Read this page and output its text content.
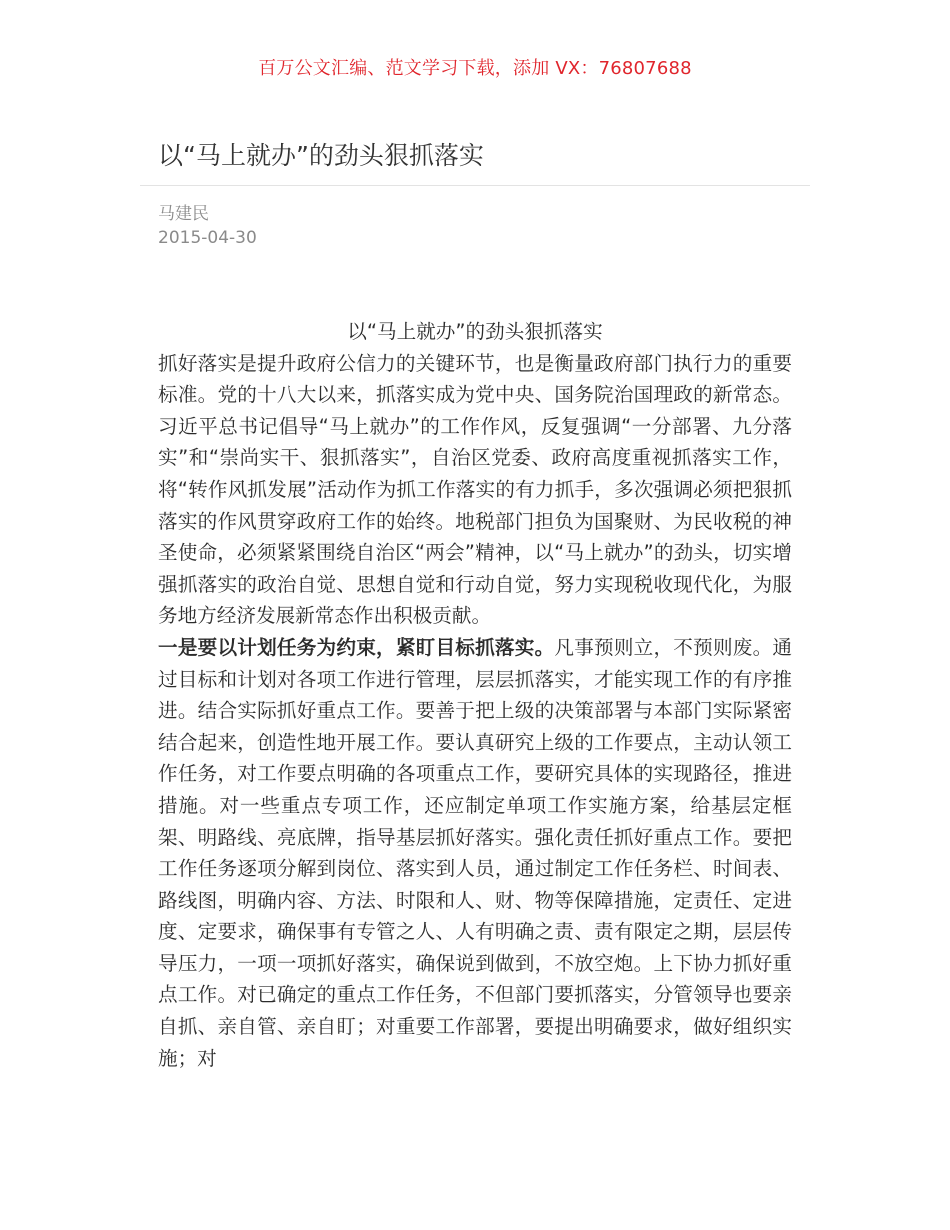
百万公文汇编、范文学习下载，添加 VX：76807688
以“马上就办”的劲头狠抓落实
马建民
2015-04-30
以“马上就办”的劲头狠抓落实

抓好落实是提升政府公信力的关键环节，也是衡量政府部门执行力的重要标准。党的十八大以来，抓落实成为党中央、国务院治国理政的新常态。习近平总书记倡导“马上就办”的工作作风，反复强调“一分部署、九分落实”和“崇尚实干、狠抓落实”，自治区党委、政府高度重视抓落实工作，将“转作风抓发展”活动作为抓工作落实的有力抓手，多次强调必须把狠抓落实的作风贯穿政府工作的始终。地税部门担负为国聚财、为民收税的神圣使命，必须紧紧围绕自治区“两会”精神，以“马上就办”的劲头，切实增强抓落实的政治自觉、思想自觉和行动自觉，努力实现税收现代化，为服务地方经济发展新常态作出积极贡献。

一是要以计划任务为约束，紧盯目标抓落实。凡事预则立，不预则废。通过目标和计划对各项工作进行管理，层层抓落实，才能实现工作的有序推进。结合实际抓好重点工作。要善于把上级的决策部署与本部门实际紧密结合起来，创造性地开展工作。要认真研究上级的工作要点，主动认领工作任务，对工作要点明确的各项重点工作，要研究具体的实现路径，推进措施。对一些重点专项工作，还应制定单项工作实施方案，给基层定框架、明路线、亮底牌，指导基层抓好落实。强化责任抓好重点工作。要把工作任务逐项分解到岗位、落实到人员，通过制定工作任务栏、时间表、路线图，明确内容、方法、时限和人、财、物等保障措施，定责任、定进度、定要求，确保事有专管之人、人有明确之责、责有限定之期，层层传导压力，一项一项抓好落实，确保说到做到，不放空炮。上下协力抓好重点工作。对已确定的重点工作任务，不但部门要抓落实，分管领导也要亲自抓、亲自管、亲自盯；对重要工作部署，要提出明确要求，做好组织实施；对
